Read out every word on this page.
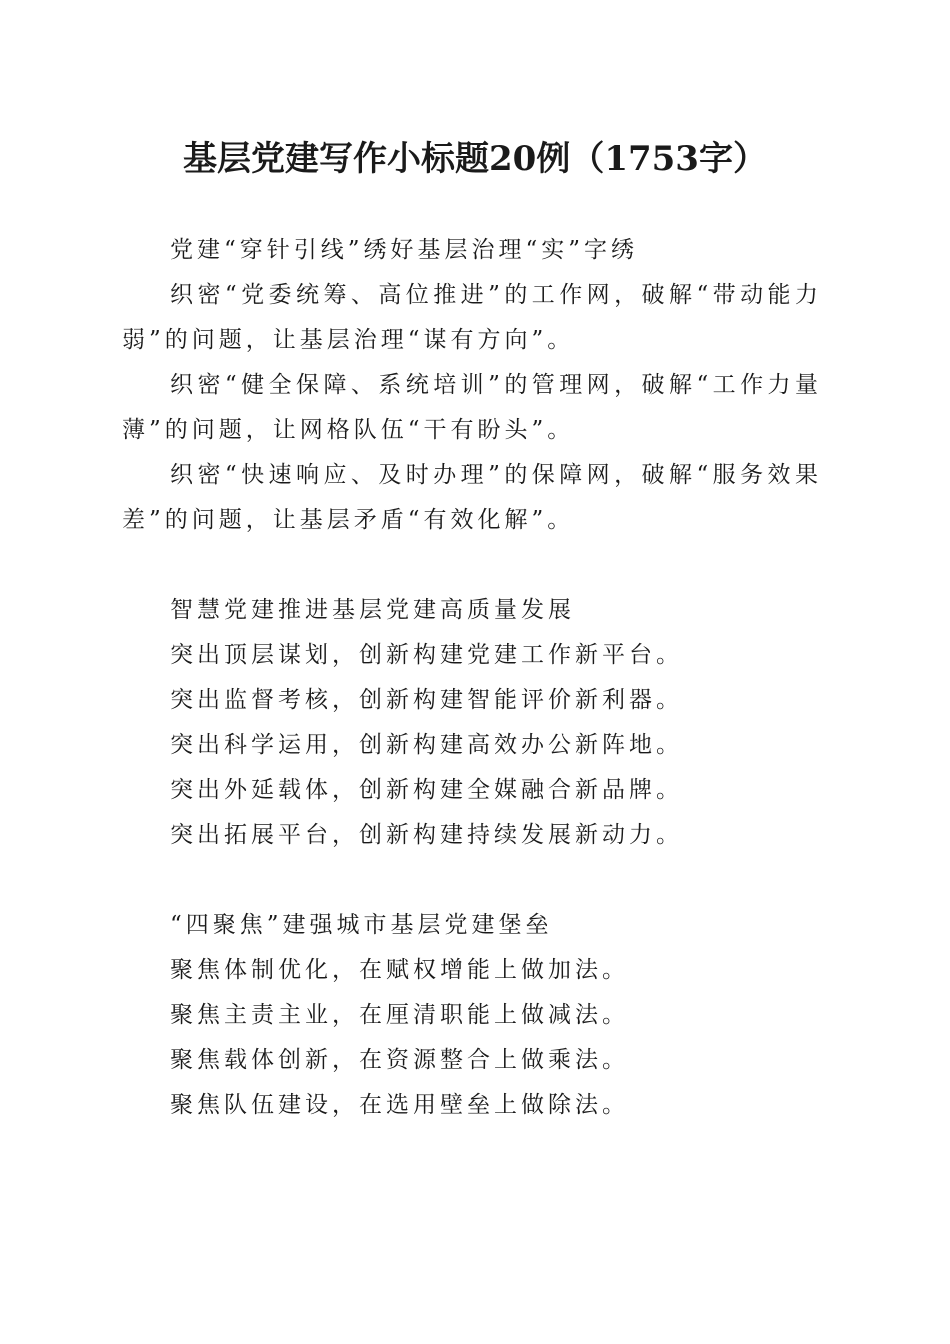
基层党建写作小标题20例（1753字）

党建“穿针引线”绣好基层治理“实”字绣

织密“党委统筹、高位推进”的工作网，破解“带动能力弱”的问题，让基层治理“谋有方向”。

织密“健全保障、系统培训”的管理网，破解“工作力量薄”的问题，让网格队伍“干有盼头”。

织密“快速响应、及时办理”的保障网，破解“服务效果差”的问题，让基层矛盾“有效化解”。

智慧党建推进基层党建高质量发展

突出顶层谋划，创新构建党建工作新平台。

突出监督考核，创新构建智能评价新利器。

突出科学运用，创新构建高效办公新阵地。

突出外延载体，创新构建全媒融合新品牌。

突出拓展平台，创新构建持续发展新动力。

“四聚焦”建强城市基层党建堡垒

聚焦体制优化，在赋权增能上做加法。

聚焦主责主业，在厘清职能上做减法。

聚焦载体创新，在资源整合上做乘法。

聚焦队伍建设，在选用壁垒上做除法。
